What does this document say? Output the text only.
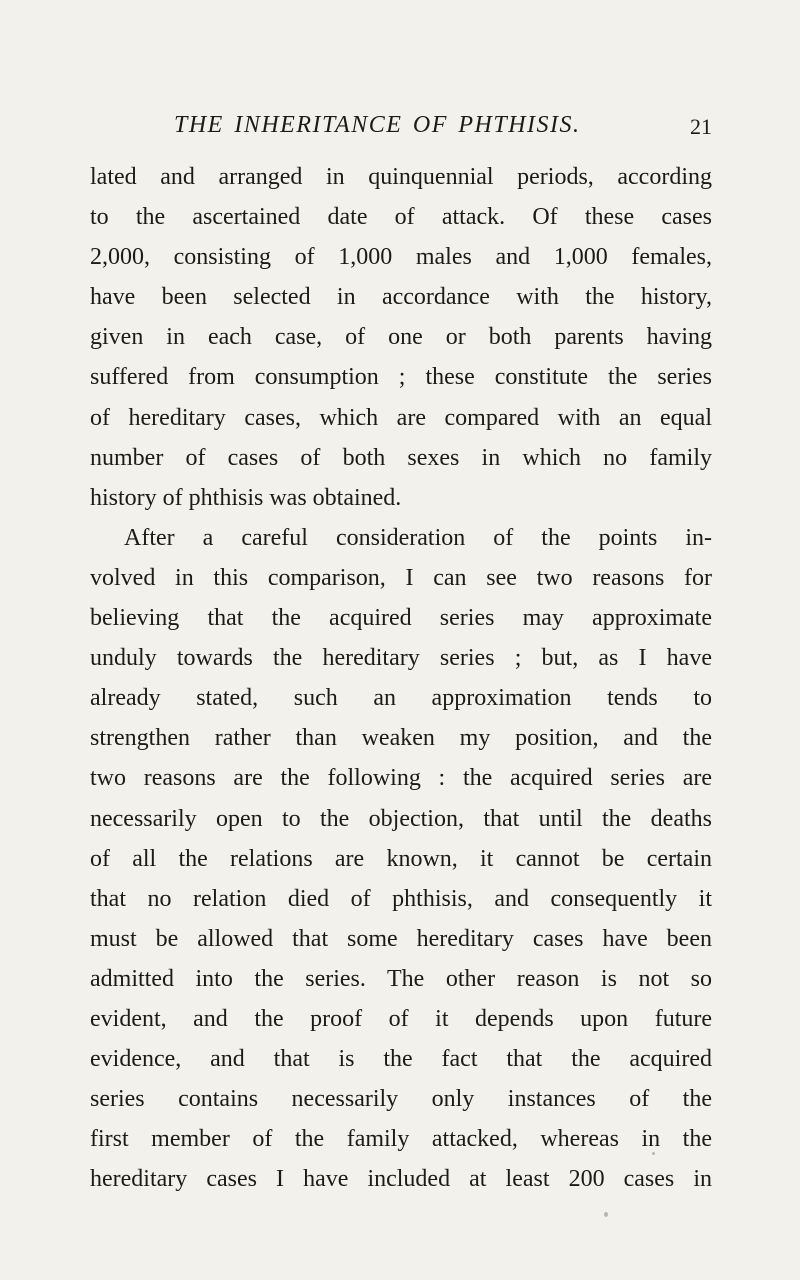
THE INHERITANCE OF PHTHISIS.	21
lated and arranged in quinquennial periods, according
to the ascertained date of attack. Of these cases
2,000, consisting of 1,000 males and 1,000 females,
have been selected in accordance with the history,
given in each case, of one or both parents having
suffered from consumption ; these constitute the series
of hereditary cases, which are compared with an equal
number of cases of both sexes in which no family
history of phthisis was obtained.
After a careful consideration of the points in-
volved in this comparison, I can see two reasons for
believing that the acquired series may approximate
unduly towards the hereditary series ; but, as I have
already stated, such an approximation tends to
strengthen rather than weaken my position, and the
two reasons are the following : the acquired series are
necessarily open to the objection, that until the deaths
of all the relations are known, it cannot be certain
that no relation died of phthisis, and consequently it
must be allowed that some hereditary cases have been
admitted into the series. The other reason is not so
evident, and the proof of it depends upon future
evidence, and that is the fact that the acquired
series contains necessarily only instances of the
first member of the family attacked, whereas in the
hereditary cases I have included at least 200 cases in
